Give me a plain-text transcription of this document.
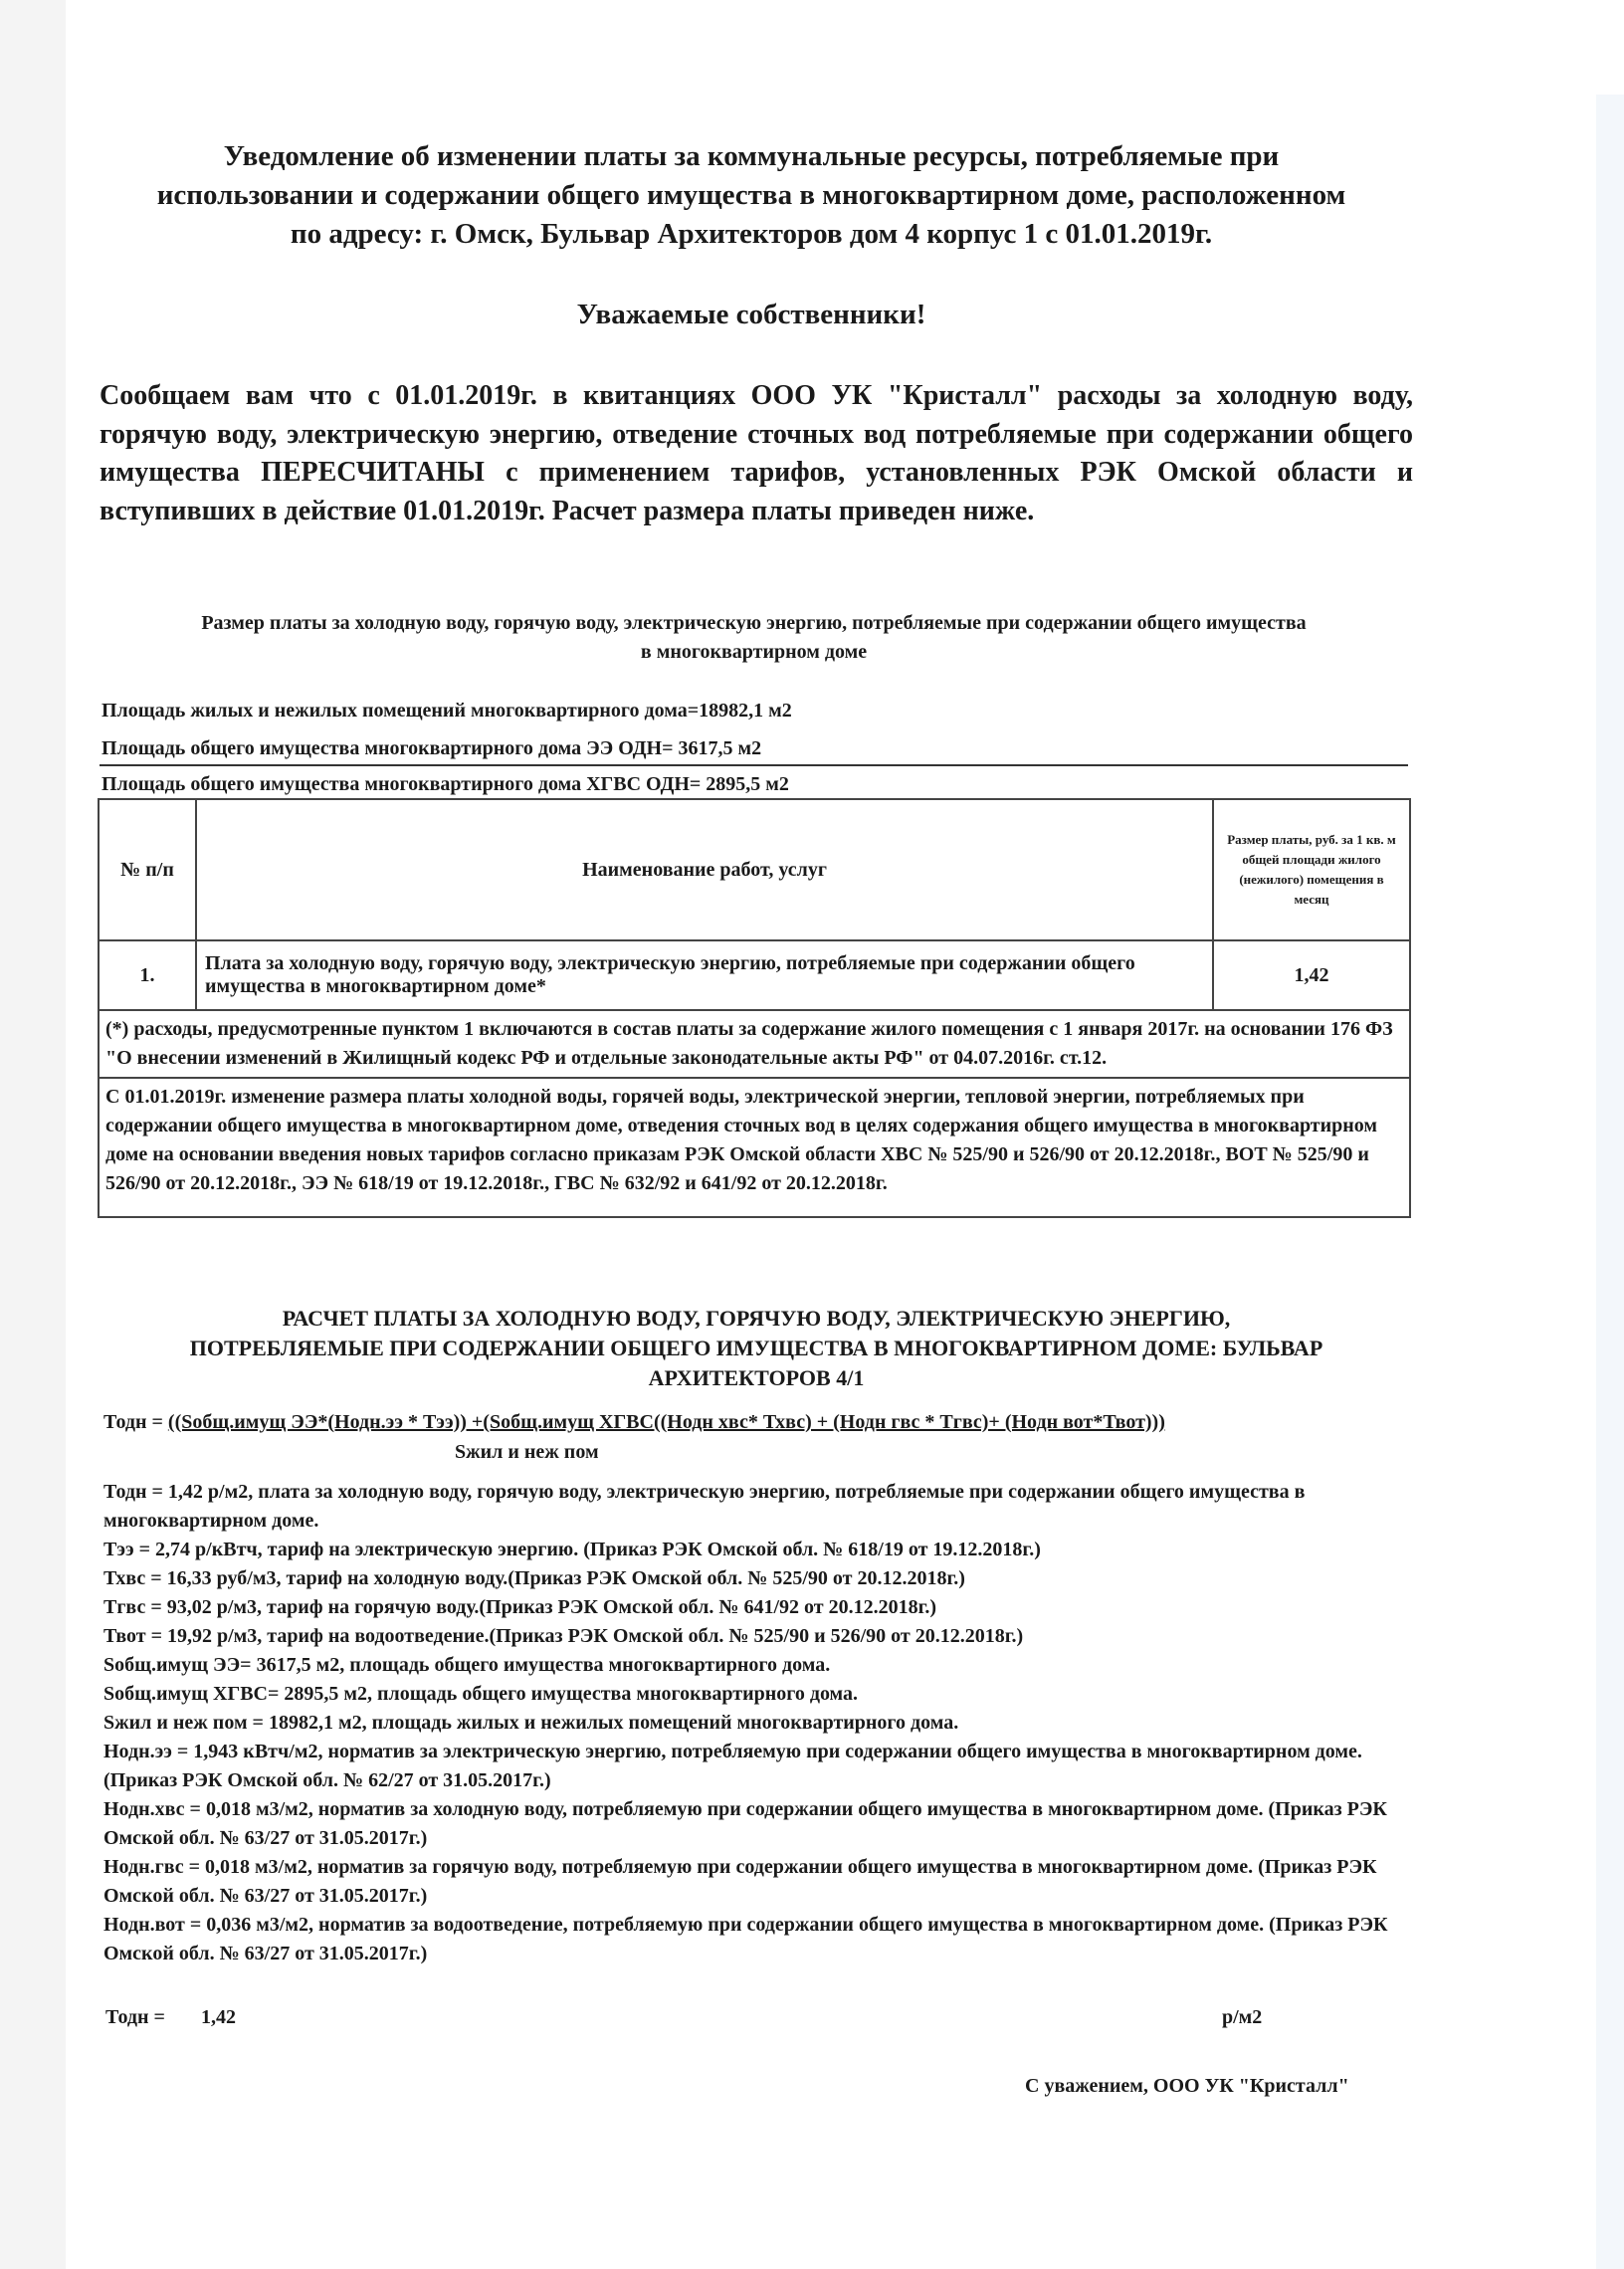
Уведомление об изменении платы за коммунальные ресурсы, потребляемые при
использовании и содержании общего имущества в многоквартирном доме, расположенном
по адресу: г. Омск, Бульвар Архитекторов дом 4 корпус 1 с 01.01.2019г.
Уважаемые собственники!
Сообщаем вам что с 01.01.2019г. в квитанциях ООО УК "Кристалл" расходы за холодную воду, горячую воду, электрическую энергию, отведение сточных вод потребляемые при содержании общего имущества ПЕРЕСЧИТАНЫ с применением тарифов, установленных РЭК Омской области и вступивших в действие 01.01.2019г. Расчет размера платы приведен ниже.
Размер платы за холодную воду, горячую воду, электрическую энергию, потребляемые при содержании общего имущества
в многоквартирном доме
Площадь жилых и нежилых помещений многоквартирного дома=18982,1 м2
Площадь общего имущества многоквартирного дома ЭЭ ОДН= 3617,5 м2
Площадь общего имущества многоквартирного дома ХГВС ОДН= 2895,5 м2
№ п/п	Наименование работ, услуг	Размер платы, руб. за 1 кв. м общей площади жилого (нежилого) помещения в месяц
1.	Плата за холодную воду, горячую воду, электрическую энергию, потребляемые при содержании общего имущества в многоквартирном доме*	1,42
(*) расходы, предусмотренные пунктом 1 включаются в состав платы за содержание жилого помещения с 1 января 2017г. на основании 176 ФЗ "О внесении изменений в Жилищный кодекс РФ и отдельные законодательные акты РФ" от 04.07.2016г. ст.12.		
С 01.01.2019г. изменение размера платы холодной воды, горячей воды, электрической энергии, тепловой энергии, потребляемых при содержании общего имущества в многоквартирном доме, отведения сточных вод в целях содержания общего имущества в многоквартирном доме на основании введения новых тарифов согласно приказам РЭК Омской области ХВС № 525/90 и 526/90 от 20.12.2018г., ВОТ № 525/90 и 526/90 от 20.12.2018г., ЭЭ № 618/19 от 19.12.2018г., ГВС № 632/92 и 641/92 от 20.12.2018г.		
РАСЧЕТ ПЛАТЫ ЗА ХОЛОДНУЮ ВОДУ, ГОРЯЧУЮ ВОДУ, ЭЛЕКТРИЧЕСКУЮ ЭНЕРГИЮ,
ПОТРЕБЛЯЕМЫЕ ПРИ СОДЕРЖАНИИ ОБЩЕГО ИМУЩЕСТВА В МНОГОКВАРТИРНОМ ДОМЕ: БУЛЬВАР
АРХИТЕКТОРОВ 4/1
Тодн = ((Sобщ.имущ ЭЭ*(Нодн.ээ * Тээ)) +(Sобщ.имущ ХГВС((Нодн хвс* Тхвс) + (Нодн гвс * Тгвс)+ (Нодн вот*Твот)))
Sжил и неж пом

Тодн = 1,42 р/м2, плата за холодную воду, горячую воду, электрическую энергию, потребляемые при содержании общего имущества в многоквартирном доме.

Тээ = 2,74 р/кВтч, тариф на электрическую энергию. (Приказ РЭК Омской обл. № 618/19 от 19.12.2018г.)

Тхвс = 16,33 руб/м3, тариф на холодную воду.(Приказ РЭК Омской обл. № 525/90 от 20.12.2018г.)

Тгвс = 93,02 р/м3, тариф на горячую воду.(Приказ РЭК Омской обл. № 641/92 от 20.12.2018г.)

Твот = 19,92 р/м3, тариф на водоотведение.(Приказ РЭК Омской обл. № 525/90 и 526/90 от 20.12.2018г.)

Sобщ.имущ ЭЭ= 3617,5 м2, площадь общего имущества многоквартирного дома.

Sобщ.имущ ХГВС= 2895,5 м2, площадь общего имущества многоквартирного дома.

Sжил и неж пом = 18982,1 м2, площадь жилых и нежилых помещений многоквартирного дома.

Нодн.ээ = 1,943 кВтч/м2, норматив за электрическую энергию, потребляемую при содержании общего имущества в многоквартирном доме.(Приказ РЭК Омской обл. № 62/27 от 31.05.2017г.)

Нодн.хвс = 0,018 м3/м2, норматив за холодную воду, потребляемую при содержании общего имущества в многоквартирном доме. (Приказ РЭК Омской обл. № 63/27 от 31.05.2017г.)

Нодн.гвс = 0,018 м3/м2, норматив за горячую воду, потребляемую при содержании общего имущества в многоквартирном доме. (Приказ РЭК Омской обл. № 63/27 от 31.05.2017г.)

Нодн.вот = 0,036 м3/м2, норматив за водоотведение, потребляемую при содержании общего имущества в многоквартирном доме. (Приказ РЭК Омской обл. № 63/27 от 31.05.2017г.)

Тодн = 1,42	р/м2
С уважением, ООО УК "Кристалл"
